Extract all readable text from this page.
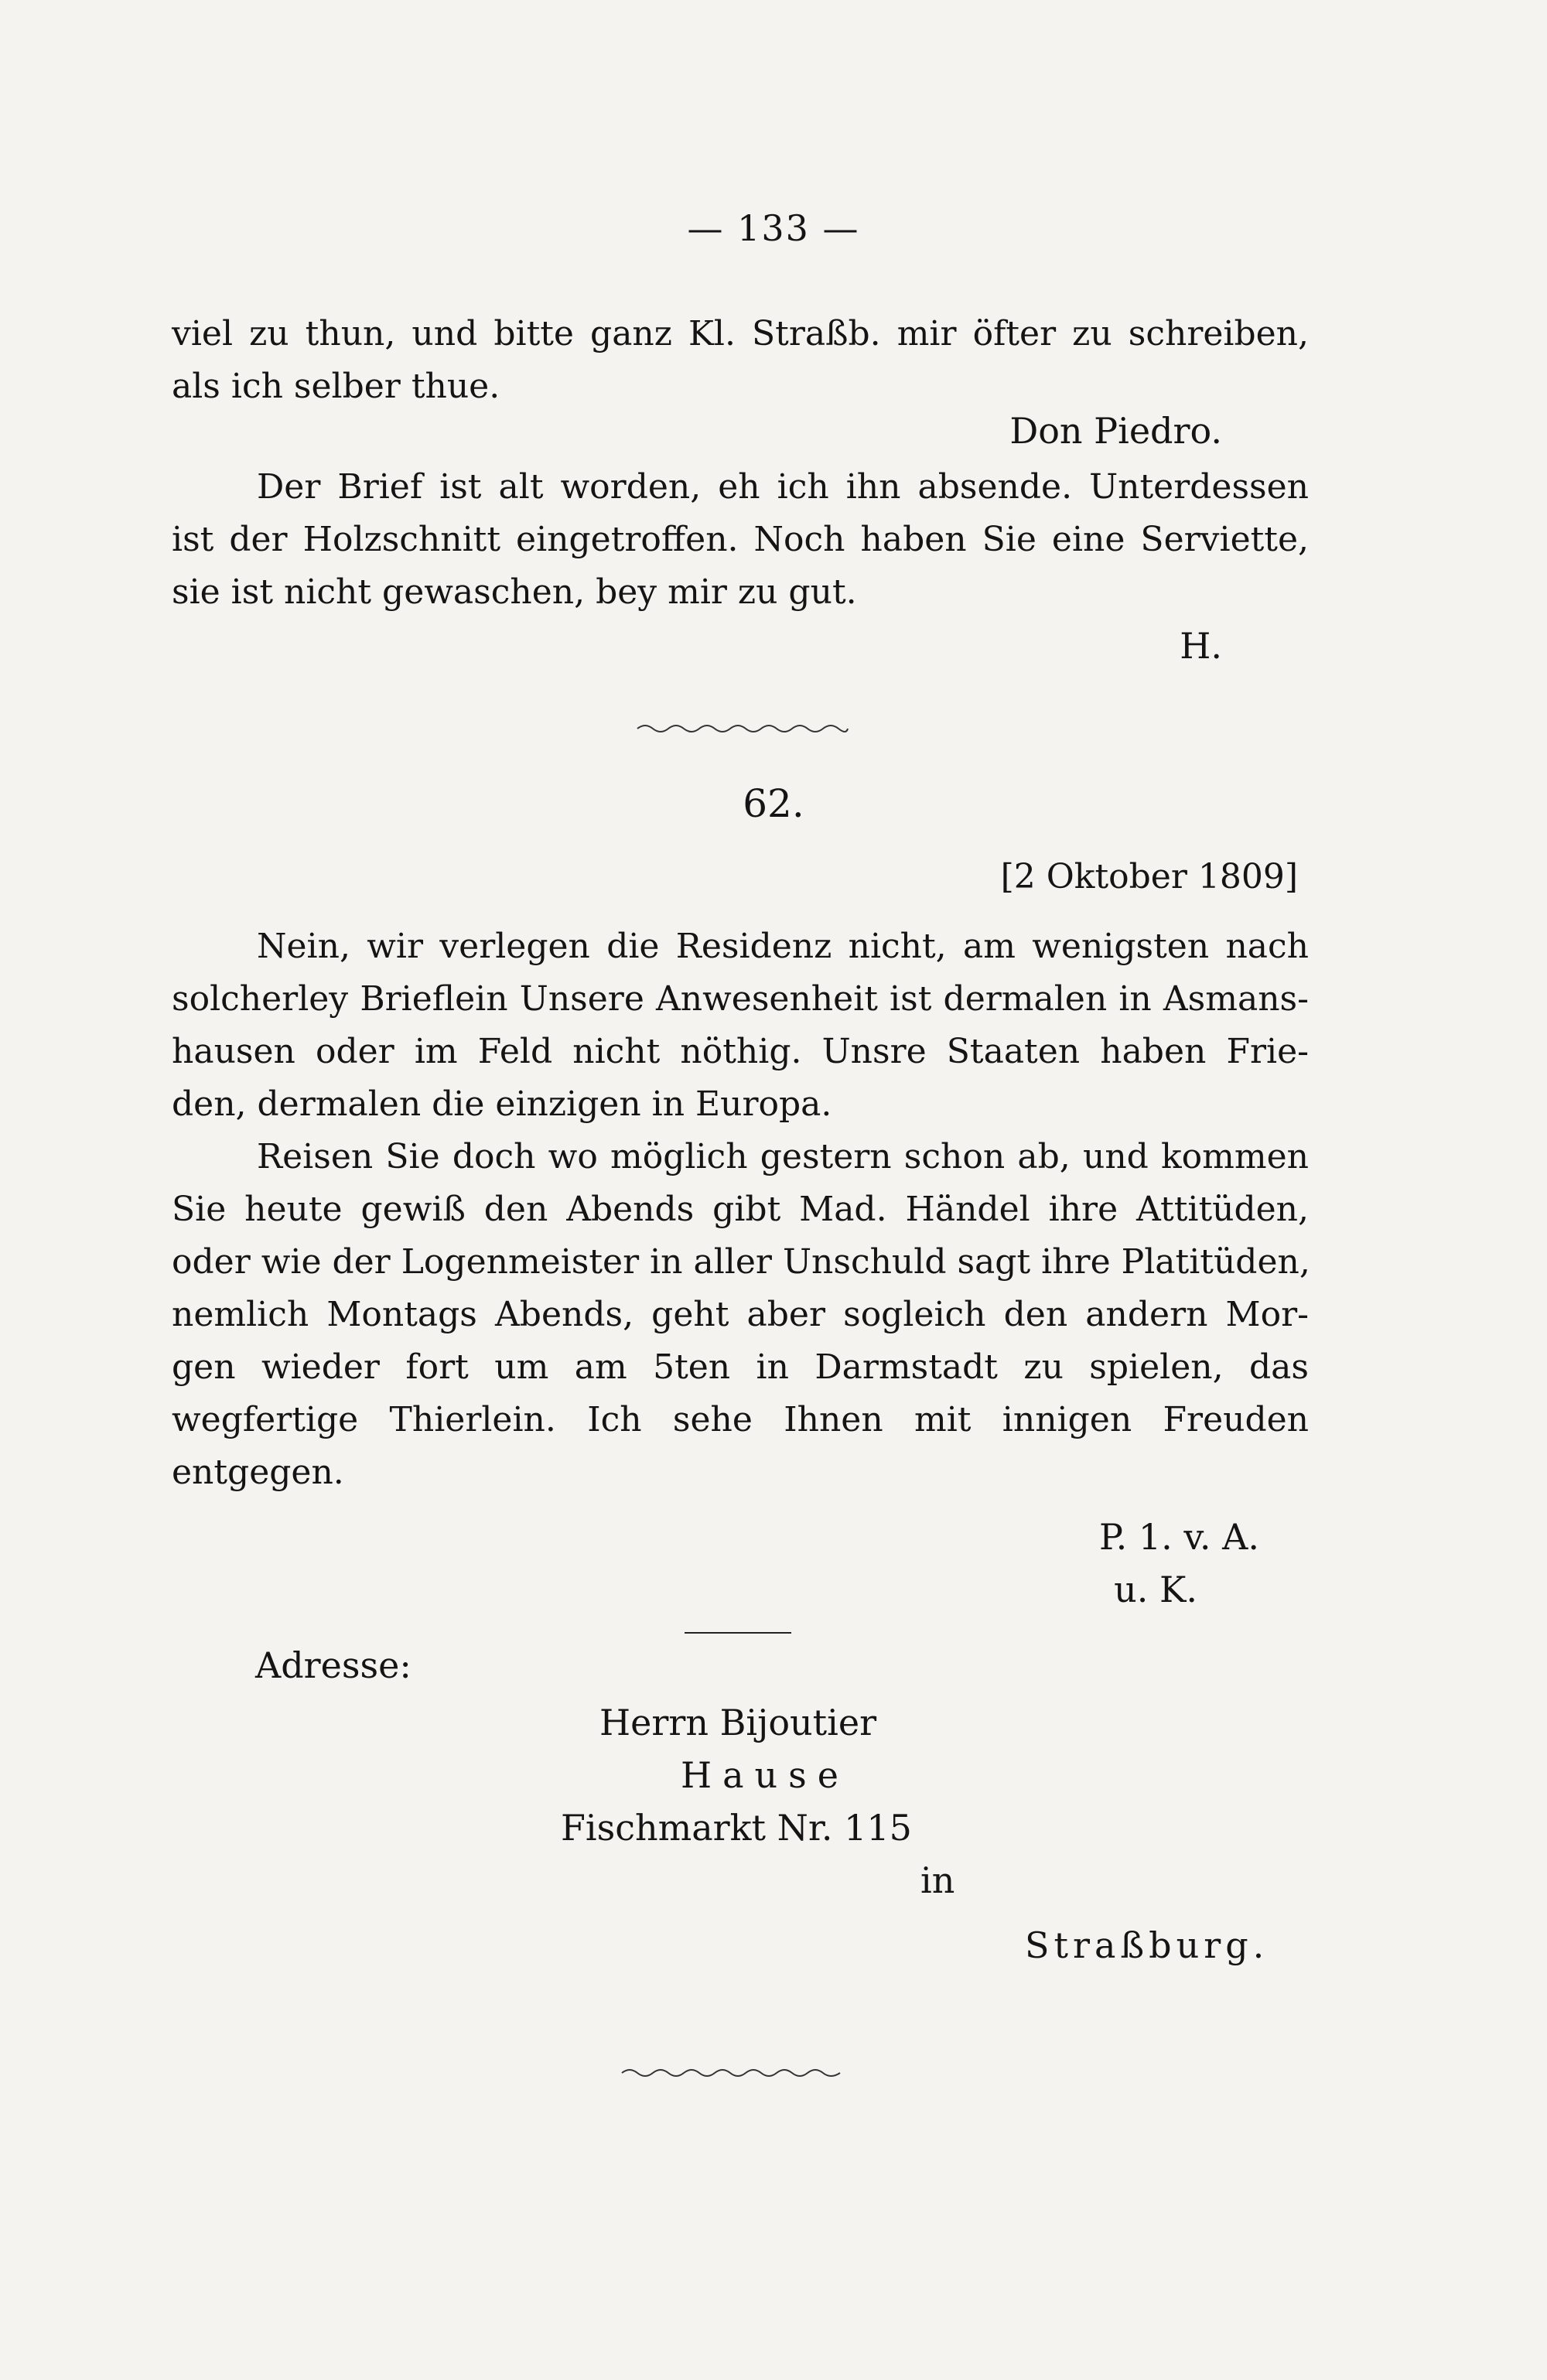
— 133 —
viel zu thun, und bitte ganz Kl. Straßb. mir öfter zu schreiben,
als ich selber thue.
Don Piedro.
Der Brief ist alt worden, eh ich ihn absende. Unterdessen
ist der Holzschnitt eingetroffen. Noch haben Sie eine Serviette,
sie ist nicht gewaschen, bey mir zu gut.
H.
62.
[2 Oktober 1809]
Nein, wir verlegen die Residenz nicht, am wenigsten nach
solcherley Brieflein Unsere Anwesenheit ist dermalen in Asmans-
hausen oder im Feld nicht nöthig. Unsre Staaten haben Frie-
den, dermalen die einzigen in Europa.
Reisen Sie doch wo möglich gestern schon ab, und kommen
Sie heute gewiß den Abends gibt Mad. Händel ihre Attitüden,
oder wie der Logenmeister in aller Unschuld sagt ihre Platitüden,
nemlich Montags Abends, geht aber sogleich den andern Mor-
gen wieder fort um am 5ten in Darmstadt zu spielen, das
wegfertige Thierlein. Ich sehe Ihnen mit innigen Freuden
entgegen.
P. 1. v. A.
u. K.
Adresse:
Herrn Bijoutier
Hause
Fischmarkt Nr. 115
in
Straßburg.
